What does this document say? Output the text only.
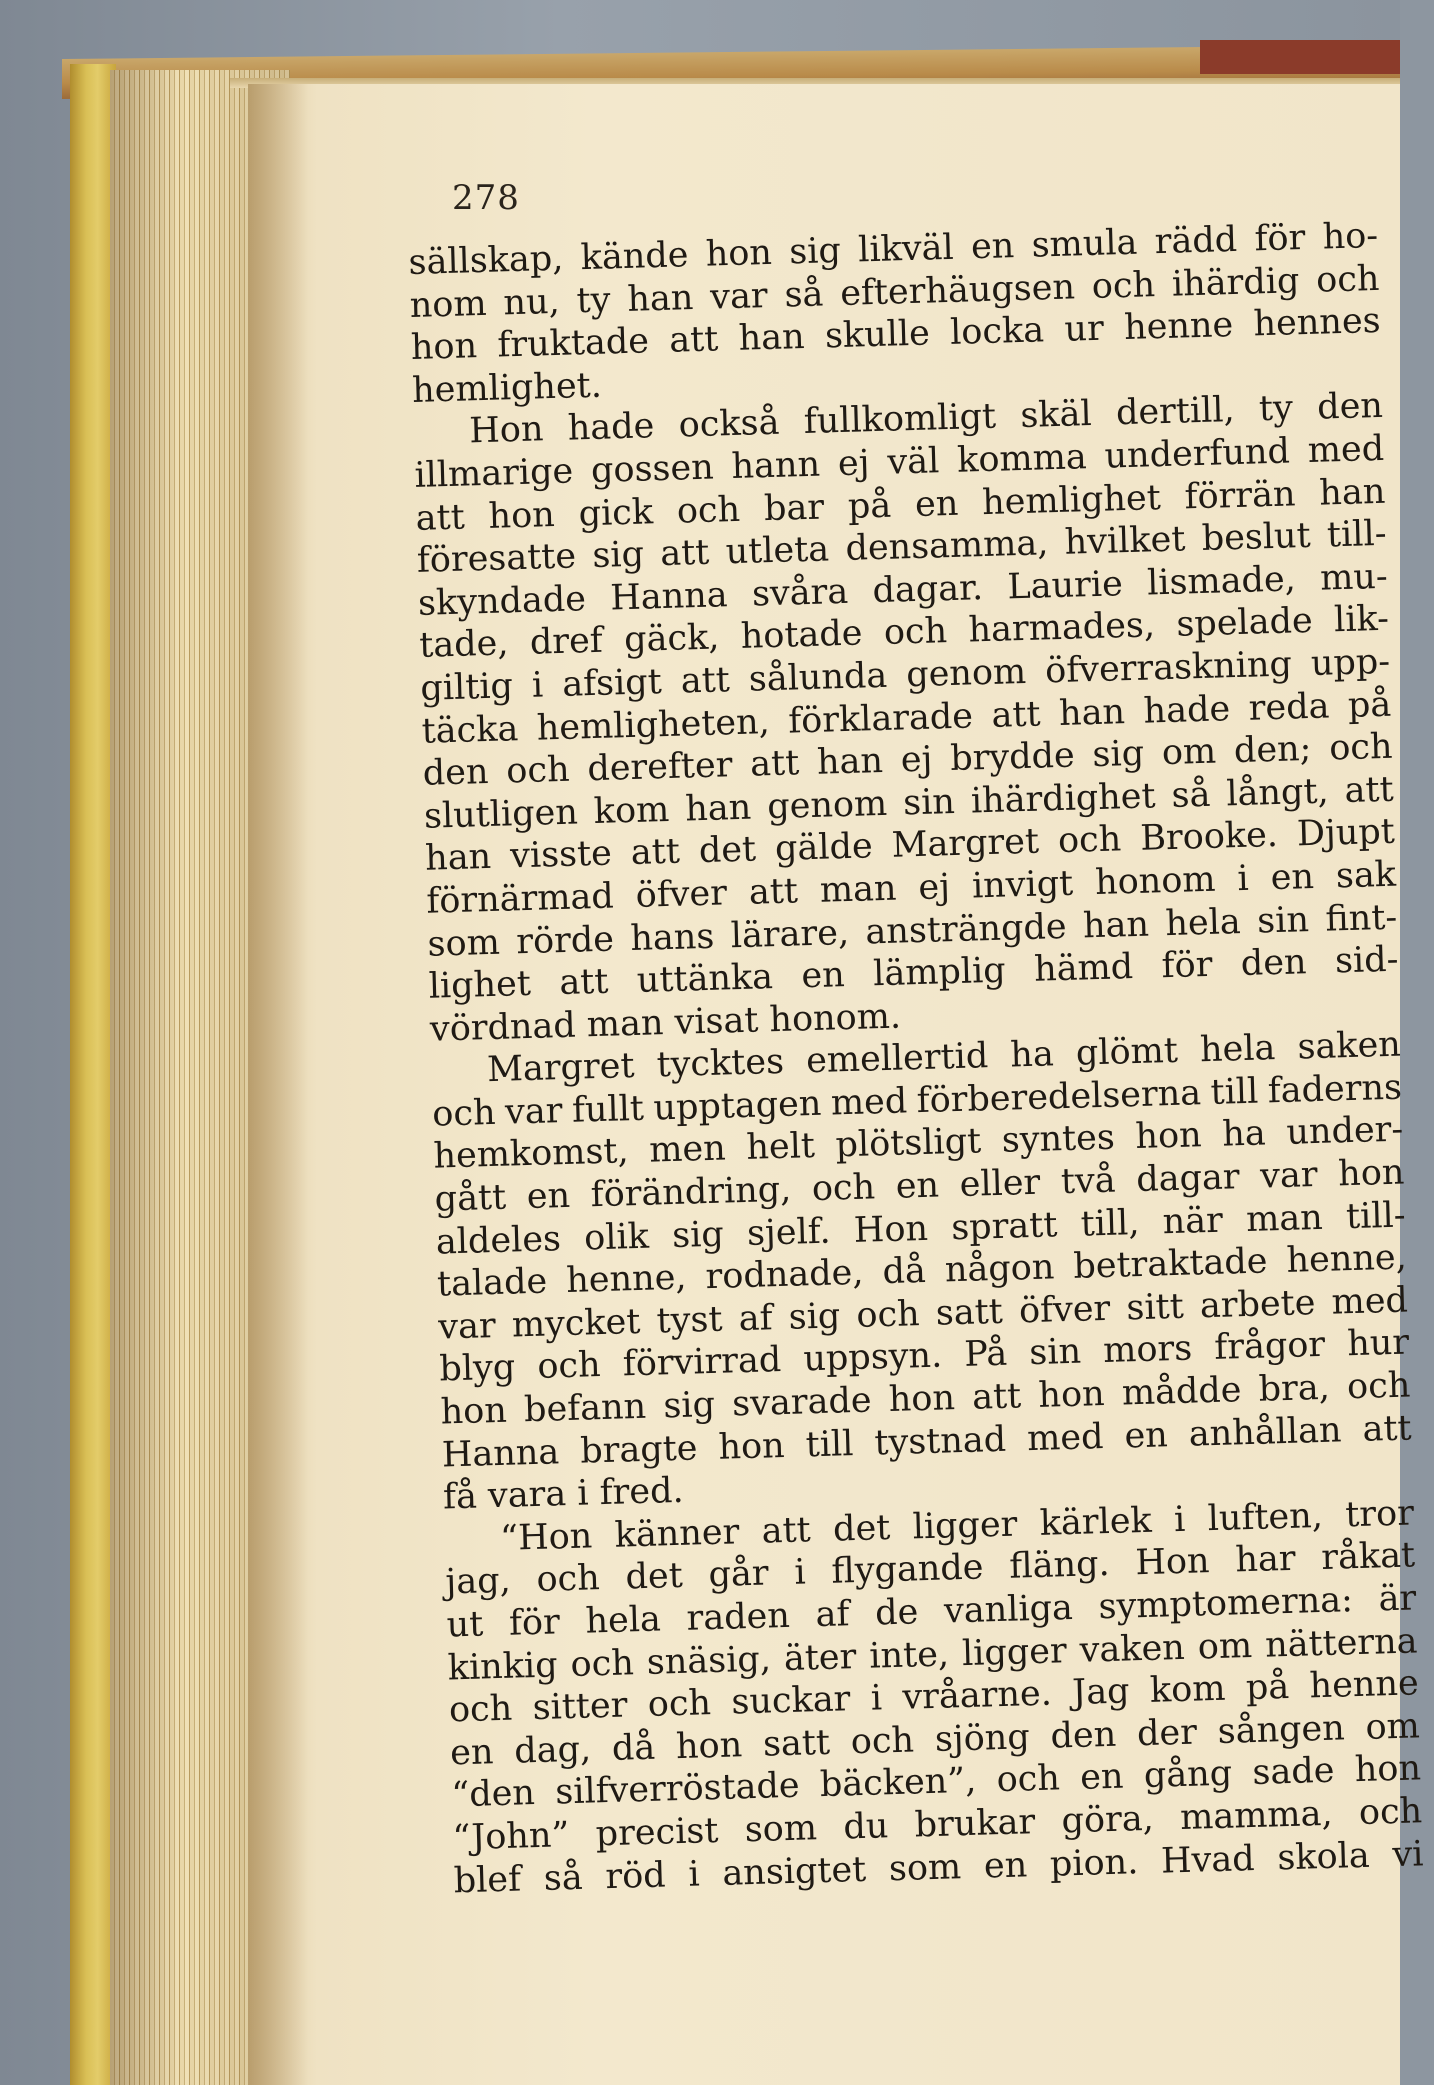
278
sällskap, kände hon sig likväl en smula rädd för ho-
nom nu, ty han var så efterhäugsen och ihärdig och
hon fruktade att han skulle locka ur henne hennes
hemlighet.
Hon hade också fullkomligt skäl dertill, ty den
illmarige gossen hann ej väl komma underfund med
att hon gick och bar på en hemlighet förrän han
föresatte sig att utleta densamma, hvilket beslut till-
skyndade Hanna svåra dagar. Laurie lismade, mu-
tade, dref gäck, hotade och harmades, spelade lik-
giltig i afsigt att sålunda genom öfverraskning upp-
täcka hemligheten, förklarade att han hade reda på
den och derefter att han ej brydde sig om den; och
slutligen kom han genom sin ihärdighet så långt, att
han visste att det gälde Margret och Brooke. Djupt
förnärmad öfver att man ej invigt honom i en sak
som rörde hans lärare, ansträngde han hela sin fint-
lighet att uttänka en lämplig hämd för den sid-
vördnad man visat honom.
Margret tycktes emellertid ha glömt hela saken
och var fullt upptagen med förberedelserna till faderns
hemkomst, men helt plötsligt syntes hon ha under-
gått en förändring, och en eller två dagar var hon
aldeles olik sig sjelf. Hon spratt till, när man till-
talade henne, rodnade, då någon betraktade henne,
var mycket tyst af sig och satt öfver sitt arbete med
blyg och förvirrad uppsyn. På sin mors frågor hur
hon befann sig svarade hon att hon mådde bra, och
Hanna bragte hon till tystnad med en anhållan att
få vara i fred.
“Hon känner att det ligger kärlek i luften, tror
jag, och det går i flygande fläng. Hon har råkat
ut för hela raden af de vanliga symptomerna: är
kinkig och snäsig, äter inte, ligger vaken om nätterna
och sitter och suckar i vråarne. Jag kom på henne
en dag, då hon satt och sjöng den der sången om
“den silfverröstade bäcken”, och en gång sade hon
“John” precist som du brukar göra, mamma, och
blef så röd i ansigtet som en pion. Hvad skola vi
